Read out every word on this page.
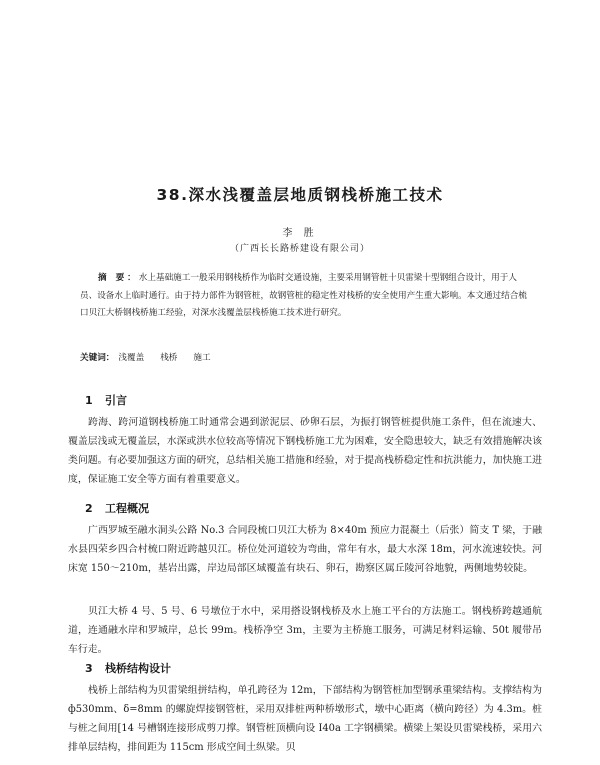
38.深水浅覆盖层地质钢栈桥施工技术
李 胜
（广西长长路桥建设有限公司）
摘 要：水上基础施工一般采用钢栈桥作为临时交通设施，主要采用钢管桩十贝雷梁十型钢组合设计，用于人员、设备水上临时通行。由于持力部件为钢管桩，故钢管桩的稳定性对栈桥的安全使用产生重大影响。本文通过结合梳口贝江大桥钢栈桥施工经验，对深水浅覆盖层栈桥施工技术进行研究。
关键词： 浅覆盖 栈桥 施工
1 引言
跨海、跨河道钢栈桥施工时通常会遇到淤泥层、砂卵石层，为振打钢管桩提供施工条件，但在流速大、覆盖层浅或无覆盖层，水深或洪水位较高等情况下钢栈桥施工尤为困难，安全隐患较大，缺乏有效措施解决该类问题。有必要加强这方面的研究，总结相关施工措施和经验，对于提高栈桥稳定性和抗洪能力，加快施工进度，保证施工安全等方面有着重要意义。
2 工程概况
广西罗城至融水洞头公路 No.3 合同段梳口贝江大桥为 8×40m 预应力混凝土（后张）简支 T 梁，于融水县四荣乡四合村梳口附近跨越贝江。桥位处河道较为弯曲，常年有水，最大水深 18m，河水流速较快。河床宽 150～210m，基岩出露，岸边局部区域覆盖有块石、卵石，勘察区属丘陵河谷地貌，两侧地势较陡。
贝江大桥 4 号、5 号、6 号墩位于水中，采用搭设钢栈桥及水上施工平台的方法施工。钢栈桥跨越通航道，连通融水岸和罗城岸，总长 99m。栈桥净空 3m，主要为主桥施工服务，可满足材料运输、50t 履带吊车行走。
3 栈桥结构设计
栈桥上部结构为贝雷梁组拼结构，单孔跨径为 12m，下部结构为钢管桩加型钢承重梁结构。支撑结构为 ф530mm、δ=8mm 的螺旋焊接钢管桩，采用双排桩两种桥墩形式，墩中心距离（横向跨径）为 4.3m。桩与桩之间用[14 号槽钢连接形成剪刀撑。钢管桩顶横向设 I40a 工字钢横梁。横梁上架设贝雷梁栈桥，采用六排单层结构，排间距为 115cm 形成空间土纵梁。贝
